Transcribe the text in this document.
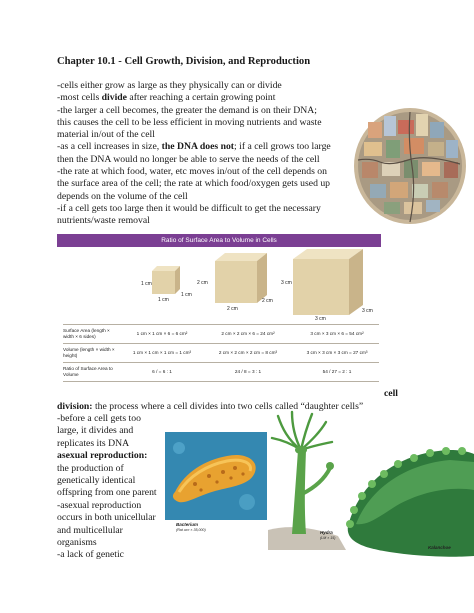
Chapter 10.1 - Cell Growth, Division, and Reproduction
-cells either grow as large as they physically can or divide
-most cells divide after reaching a certain growing point
-the larger a cell becomes, the greater the demand is on their DNA;
this causes the cell to be less efficient in moving nutrients and waste
material in/out of the cell
-as a cell increases in size, the DNA does not; if a cell grows too large
then the DNA would no longer be able to serve the needs of the cell
-the rate at which food, water, etc moves in/out of the cell depends on
the surface area of the cell; the rate at which food/oxygen gets used up
depends on the volume of the cell
-if a cell gets too large then it would be difficult to get the necessary
nutrients/waste removal
Ratio of Surface Area to Volume in Cells
1 cm
1 cm
1 cm
2 cm
2 cm
2 cm
3 cm
3 cm
3 cm
Surface Area (length × width × 6 sides)
1 cm × 1 cm × 6 = 6 cm²	2 cm × 2 cm × 6 = 24 cm²	3 cm × 3 cm × 6 = 54 cm²
Volume (length × width × height)
1 cm × 1 cm × 1 cm = 1 cm³	2 cm × 2 cm × 2 cm = 8 cm³	3 cm × 3 cm × 3 cm = 27 cm³
Ratio of Surface Area to Volume
6 / = 6 : 1	24 / 8 = 3 : 1	54 / 27 = 2 : 1
cell
division: the process where a cell divides into two cells called “daughter cells”
-before a cell gets too
large, it divides and
replicates its DNA
asexual reproduction:
the production of
genetically identical
offspring from one parent
-asexual reproduction
occurs in both unicellular
and multicellular
organisms
-a lack of genetic
Bacterium
(Rat ucc × 35,000)	Hydra
(LM × 15)
Kalanchoe
